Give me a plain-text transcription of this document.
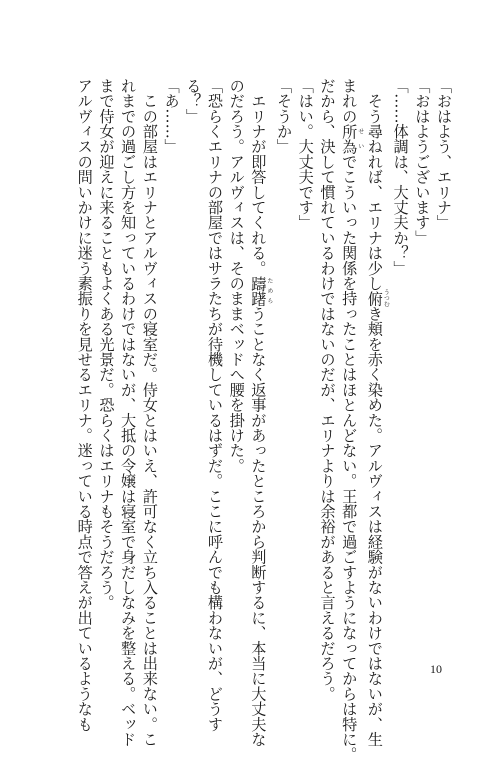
「おはよう、エリナ」
「おはようございます」
「……体調は、大丈夫か？」
　そう尋ねれば、エリナは少し俯うつむき頬を赤く染めた。アルヴィスは経験がないわけではないが、生
まれの所為せいでこういった関係を持ったことはほとんどない。王都で過ごすようになってからは特に。
だから、決して慣れているわけではないのだが、エリナよりは余裕があると言えるだろう。
「はい。大丈夫です」
「そうか」
　エリナが即答してくれる。躊躇ためらうことなく返事があったところから判断するに、本当に大丈夫な
のだろう。アルヴィスは、そのままベッドへ腰を掛けた。
「恐らくエリナの部屋ではサラたちが待機しているはずだ。ここに呼んでも構わないが、どうす
る？」
「あ……」
　この部屋はエリナとアルヴィスの寝室だ。侍女とはいえ、許可なく立ち入ることは出来ない。こ
れまでの過ごし方を知っているわけではないが、大抵の令嬢は寝室で身だしなみを整える。ベッド
まで侍女が迎えに来ることもよくある光景だ。恐らくはエリナもそうだろう。
アルヴィスの問いかけに迷う素振りを見せるエリナ。迷っている時点で答えが出ているようなも	10
